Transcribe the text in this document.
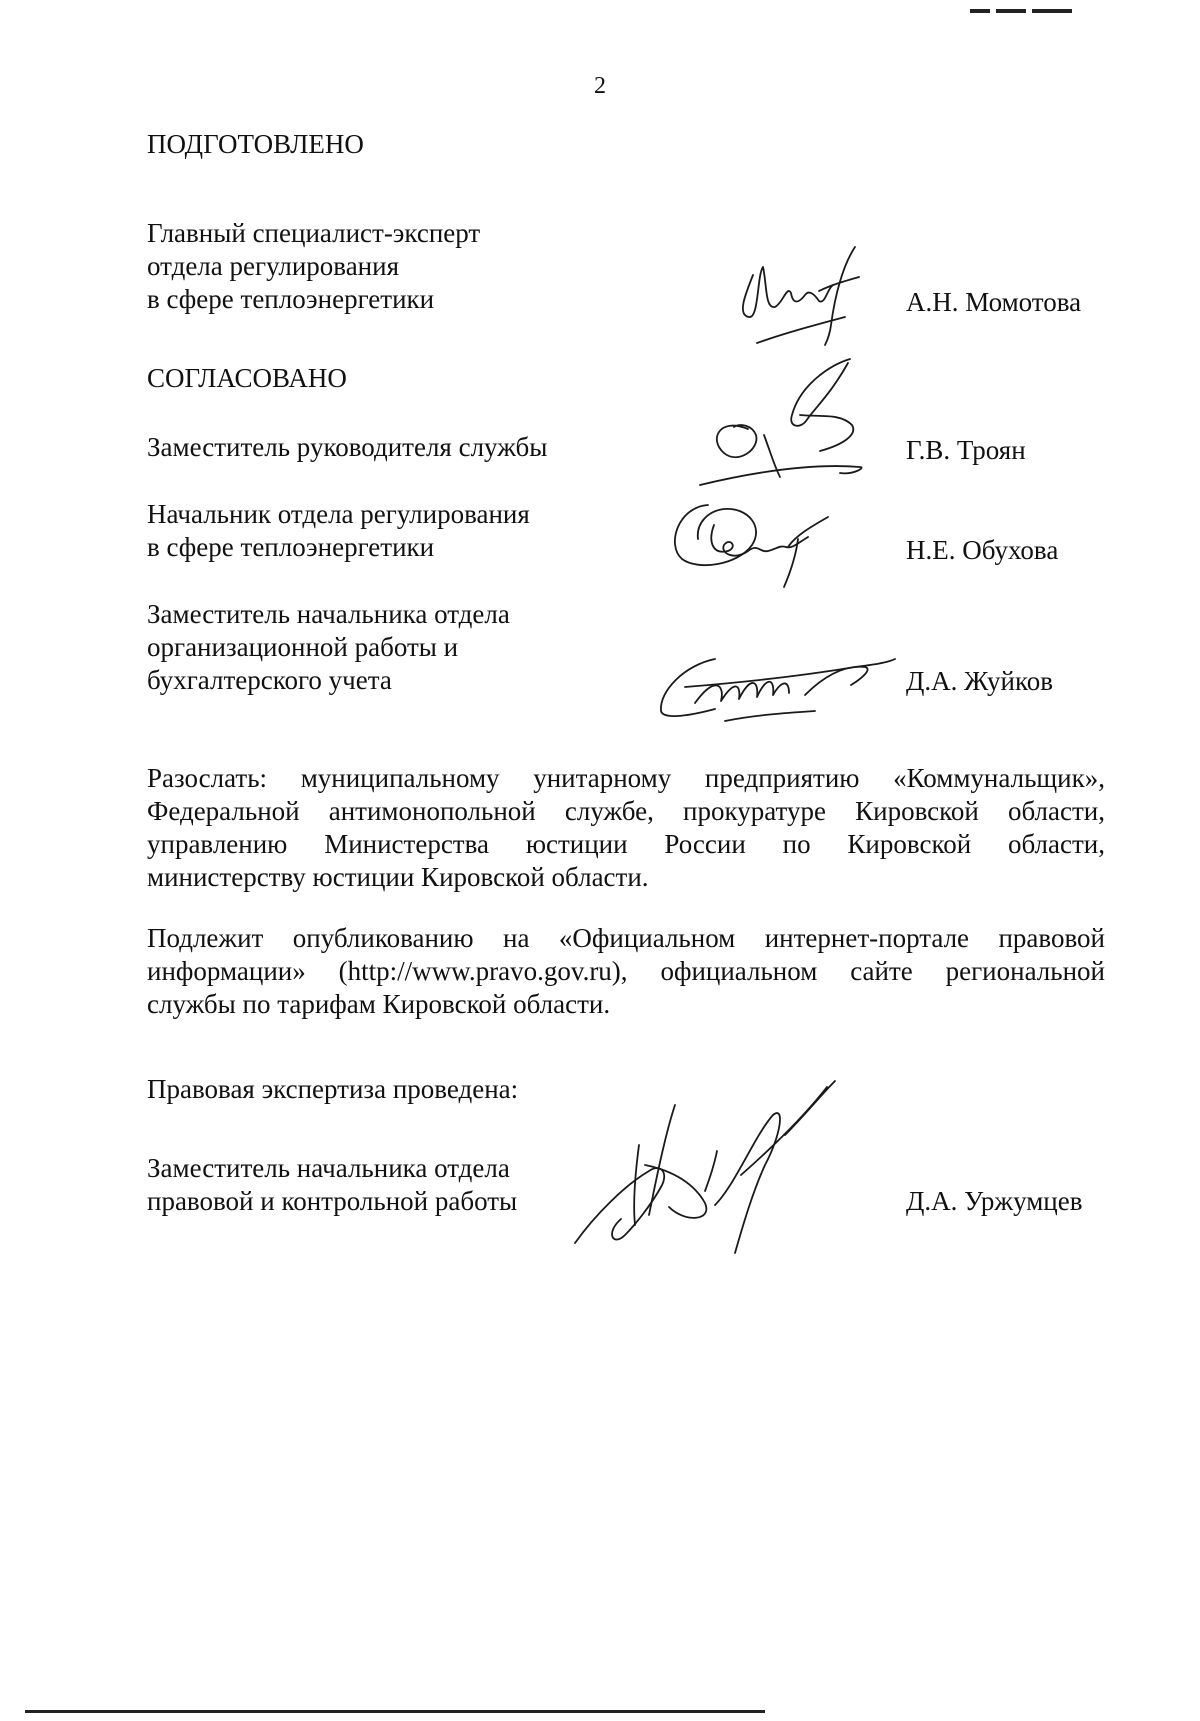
2
ПОДГОТОВЛЕНО
Главный специалист-эксперт
отдела регулирования
в сфере теплоэнергетики	А.Н. Момотова
СОГЛАСОВАНО
Заместитель руководителя службы	Г.В. Троян
Начальник отдела регулирования
в сфере теплоэнергетики	Н.Е. Обухова
Заместитель начальника отдела
организационной работы и
бухгалтерского учета	Д.А. Жуйков

Разослать: муниципальному унитарному предприятию «Коммунальщик»,

Федеральной антимонопольной службе, прокуратуре Кировской области,

управлению Министерства юстиции России по Кировской области,

министерству юстиции Кировской области.

Подлежит опубликованию на «Официальном интернет-портале правовой

информации» (http://www.pravo.gov.ru), официальном сайте региональной

службы по тарифам Кировской области.

Правовая экспертиза проведена:
Заместитель начальника отдела
правовой и контрольной работы	Д.А. Уржумцев
